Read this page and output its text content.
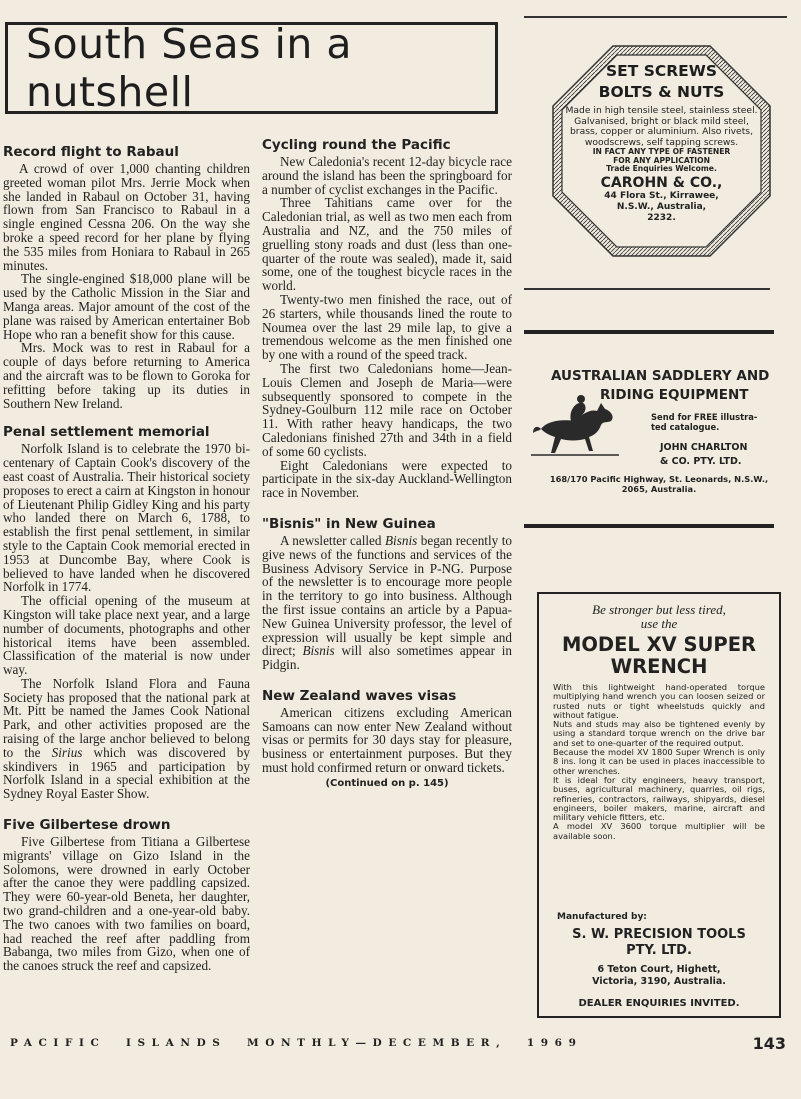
South Seas in a nutshell
Record flight to Rabaul

A crowd of over 1,000 chanting children greeted woman pilot Mrs. Jerrie Mock when she landed in Rabaul on October 31, having flown from San Francisco to Rabaul in a single engined Cessna 206. On the way she broke a speed record for her plane by flying the 535 miles from Honiara to Rabaul in 265 minutes.

The single-engined $18,000 plane will be used by the Catholic Mission in the Siar and Manga areas. Major amount of the cost of the plane was raised by American entertainer Bob Hope who ran a benefit show for this cause.

Mrs. Mock was to rest in Rabaul for a couple of days before returning to America and the aircraft was to be flown to Goroka for refitting before taking up its duties in Southern New Ireland.

Penal settlement memorial

Norfolk Island is to celebrate the 1970 bi-centenary of Captain Cook's discovery of the east coast of Australia. Their historical society proposes to erect a cairn at Kingston in honour of Lieutenant Philip Gidley King and his party who landed there on March 6, 1788, to establish the first penal settlement, in similar style to the Captain Cook memorial erected in 1953 at Duncombe Bay, where Cook is believed to have landed when he discovered Norfolk in 1774.

The official opening of the museum at Kingston will take place next year, and a large number of documents, photographs and other historical items have been assembled. Classification of the material is now under way.

The Norfolk Island Flora and Fauna Society has proposed that the national park at Mt. Pitt be named the James Cook National Park, and other activities proposed are the raising of the large anchor believed to belong to the Sirius which was discovered by skindivers in 1965 and participation by Norfolk Island in a special exhibition at the Sydney Royal Easter Show.

Five Gilbertese drown

Five Gilbertese from Titiana a Gilbertese migrants' village on Gizo Island in the Solomons, were drowned in early October after the canoe they were paddling capsized. They were 60-year-old Beneta, her daughter, two grand-children and a one-year-old baby. The two canoes with two families on board, had reached the reef after paddling from Babanga, two miles from Gizo, when one of the canoes struck the reef and capsized.

Cycling round the Pacific

New Caledonia's recent 12-day bicycle race around the island has been the springboard for a number of cyclist exchanges in the Pacific.

Three Tahitians came over for the Caledonian trial, as well as two men each from Australia and NZ, and the 750 miles of gruelling stony roads and dust (less than one-quarter of the route was sealed), made it, said some, one of the toughest bicycle races in the world.

Twenty-two men finished the race, out of 26 starters, while thousands lined the route to Noumea over the last 29 mile lap, to give a tremendous welcome as the men finished one by one with a round of the speed track.

The first two Caledonians home—Jean-Louis Clemen and Joseph de Maria—were subsequently sponsored to compete in the Sydney-Goulburn 112 mile race on October 11. With rather heavy handicaps, the two Caledonians finished 27th and 34th in a field of some 60 cyclists.

Eight Caledonians were expected to participate in the six-day Auckland-Wellington race in November.

"Bisnis" in New Guinea

A newsletter called Bisnis began recently to give news of the functions and services of the Business Advisory Service in P-NG. Purpose of the newsletter is to encourage more people in the territory to go into business. Although the first issue contains an article by a Papua-New Guinea University professor, the level of expression will usually be kept simple and direct; Bisnis will also sometimes appear in Pidgin.

New Zealand waves visas

American citizens excluding American Samoans can now enter New Zealand without visas or permits for 30 days stay for pleasure, business or entertainment purposes. But they must hold confirmed return or onward tickets.

(Continued on p. 145)
SET SCREWS
BOLTS & NUTS
Made in high tensile steel, stainless steel. Galvanised, bright or black mild steel, brass, copper or aluminium. Also rivets, woodscrews, self tapping screws.
IN FACT ANY TYPE OF FASTENER
FOR ANY APPLICATION
Trade Enquiries Welcome.
CAROHN & CO.,
44 Flora St., Kirrawee,
N.S.W., Australia,
2232.
AUSTRALIAN SADDLERY AND
RIDING EQUIPMENT
Send for FREE illustra-
ted catalogue.
JOHN CHARLTON
& CO. PTY. LTD.
168/170 Pacific Highway, St. Leonards, N.S.W.,
2065, Australia.
Be stronger but less tired,
use the
MODEL XV SUPER
WRENCH

With this lightweight hand-operated torque multiplying hand wrench you can loosen seized or rusted nuts or tight wheelstuds quickly and without fatigue.

Nuts and studs may also be tightened evenly by using a standard torque wrench on the drive bar and set to one-quarter of the required output.

Because the model XV 1800 Super Wrench is only 8 ins. long it can be used in places inaccessible to other wrenches.

It is ideal for city engineers, heavy transport, buses, agricultural machinery, quarries, oil rigs, refineries, contractors, railways, shipyards, diesel engineers, boiler makers, marine, aircraft and military vehicle fitters, etc.

A model XV 3600 torque multiplier will be available soon.

Manufactured by:
S. W. PRECISION TOOLS
PTY. LTD.
6 Teton Court, Highett,
Victoria, 3190, Australia.
DEALER ENQUIRIES INVITED.
PACIFIC  ISLANDS  MONTHLY—DECEMBER,  1969	143
